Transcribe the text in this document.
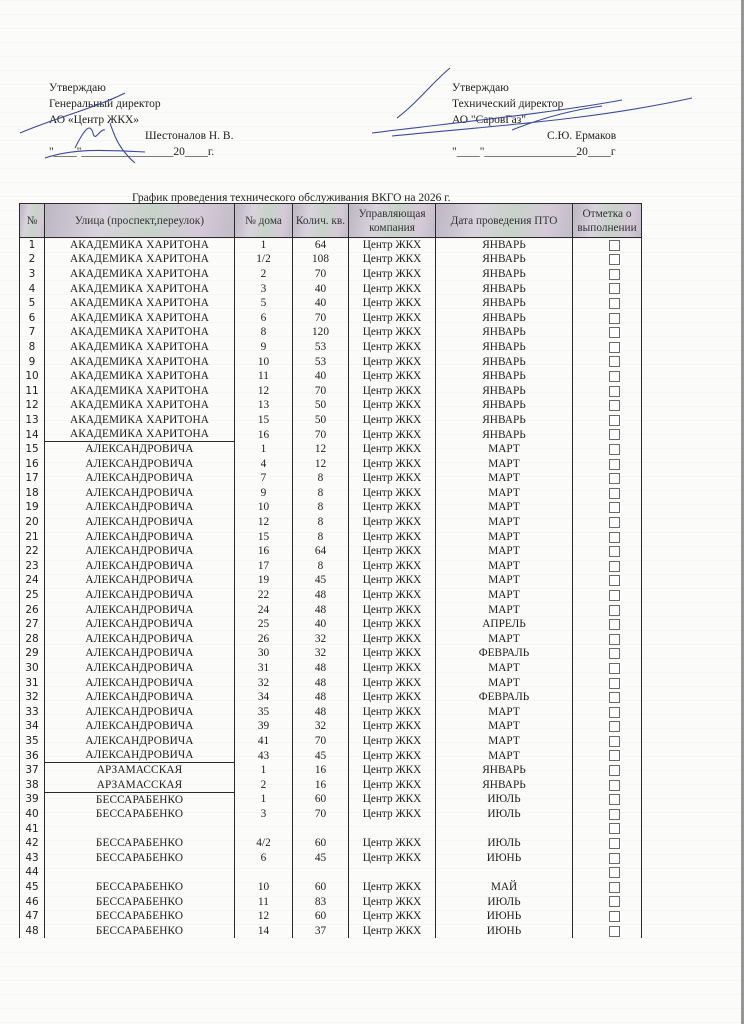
Утверждаю
Генеральный директор
АО «Центр ЖКХ»
Шестоналов Н. В.
"____"________________20____г.
Утверждаю
Технический директор
АО "СаровГаз"
С.Ю. Ермаков
"____"________________20____г
График проведения технического обслуживания ВКГО на 2026 г.
№	Улица (проспект,переулок)	№ дома	Колич. кв.	Управляющая компания	Дата проведения ПТО	Отметка о выполнении
1	АКАДЕМИКА ХАРИТОНА	1	64	Центр ЖКХ	ЯНВАРЬ	
2	АКАДЕМИКА ХАРИТОНА	1/2	108	Центр ЖКХ	ЯНВАРЬ	
3	АКАДЕМИКА ХАРИТОНА	2	70	Центр ЖКХ	ЯНВАРЬ	
4	АКАДЕМИКА ХАРИТОНА	3	40	Центр ЖКХ	ЯНВАРЬ	
5	АКАДЕМИКА ХАРИТОНА	5	40	Центр ЖКХ	ЯНВАРЬ	
6	АКАДЕМИКА ХАРИТОНА	6	70	Центр ЖКХ	ЯНВАРЬ	
7	АКАДЕМИКА ХАРИТОНА	8	120	Центр ЖКХ	ЯНВАРЬ	
8	АКАДЕМИКА ХАРИТОНА	9	53	Центр ЖКХ	ЯНВАРЬ	
9	АКАДЕМИКА ХАРИТОНА	10	53	Центр ЖКХ	ЯНВАРЬ	
10	АКАДЕМИКА ХАРИТОНА	11	40	Центр ЖКХ	ЯНВАРЬ	
11	АКАДЕМИКА ХАРИТОНА	12	70	Центр ЖКХ	ЯНВАРЬ	
12	АКАДЕМИКА ХАРИТОНА	13	50	Центр ЖКХ	ЯНВАРЬ	
13	АКАДЕМИКА ХАРИТОНА	15	50	Центр ЖКХ	ЯНВАРЬ	
14	АКАДЕМИКА ХАРИТОНА	16	70	Центр ЖКХ	ЯНВАРЬ	
15	АЛЕКСАНДРОВИЧА	1	12	Центр ЖКХ	МАРТ	
16	АЛЕКСАНДРОВИЧА	4	12	Центр ЖКХ	МАРТ	
17	АЛЕКСАНДРОВИЧА	7	8	Центр ЖКХ	МАРТ	
18	АЛЕКСАНДРОВИЧА	9	8	Центр ЖКХ	МАРТ	
19	АЛЕКСАНДРОВИЧА	10	8	Центр ЖКХ	МАРТ	
20	АЛЕКСАНДРОВИЧА	12	8	Центр ЖКХ	МАРТ	
21	АЛЕКСАНДРОВИЧА	15	8	Центр ЖКХ	МАРТ	
22	АЛЕКСАНДРОВИЧА	16	64	Центр ЖКХ	МАРТ	
23	АЛЕКСАНДРОВИЧА	17	8	Центр ЖКХ	МАРТ	
24	АЛЕКСАНДРОВИЧА	19	45	Центр ЖКХ	МАРТ	
25	АЛЕКСАНДРОВИЧА	22	48	Центр ЖКХ	МАРТ	
26	АЛЕКСАНДРОВИЧА	24	48	Центр ЖКХ	МАРТ	
27	АЛЕКСАНДРОВИЧА	25	40	Центр ЖКХ	АПРЕЛЬ	
28	АЛЕКСАНДРОВИЧА	26	32	Центр ЖКХ	МАРТ	
29	АЛЕКСАНДРОВИЧА	30	32	Центр ЖКХ	ФЕВРАЛЬ	
30	АЛЕКСАНДРОВИЧА	31	48	Центр ЖКХ	МАРТ	
31	АЛЕКСАНДРОВИЧА	32	48	Центр ЖКХ	МАРТ	
32	АЛЕКСАНДРОВИЧА	34	48	Центр ЖКХ	ФЕВРАЛЬ	
33	АЛЕКСАНДРОВИЧА	35	48	Центр ЖКХ	МАРТ	
34	АЛЕКСАНДРОВИЧА	39	32	Центр ЖКХ	МАРТ	
35	АЛЕКСАНДРОВИЧА	41	70	Центр ЖКХ	МАРТ	
36	АЛЕКСАНДРОВИЧА	43	45	Центр ЖКХ	МАРТ	
37	АРЗАМАССКАЯ	1	16	Центр ЖКХ	ЯНВАРЬ	
38	АРЗАМАССКАЯ	2	16	Центр ЖКХ	ЯНВАРЬ	
39	БЕССАРАБЕНКО	1	60	Центр ЖКХ	ИЮЛЬ	
40	БЕССАРАБЕНКО	3	70	Центр ЖКХ	ИЮЛЬ	
41						
42	БЕССАРАБЕНКО	4/2	60	Центр ЖКХ	ИЮЛЬ	
43	БЕССАРАБЕНКО	6	45	Центр ЖКХ	ИЮНЬ	
44						
45	БЕССАРАБЕНКО	10	60	Центр ЖКХ	МАЙ	
46	БЕССАРАБЕНКО	11	83	Центр ЖКХ	ИЮЛЬ	
47	БЕССАРАБЕНКО	12	60	Центр ЖКХ	ИЮНЬ	
48	БЕССАРАБЕНКО	14	37	Центр ЖКХ	ИЮНЬ	
